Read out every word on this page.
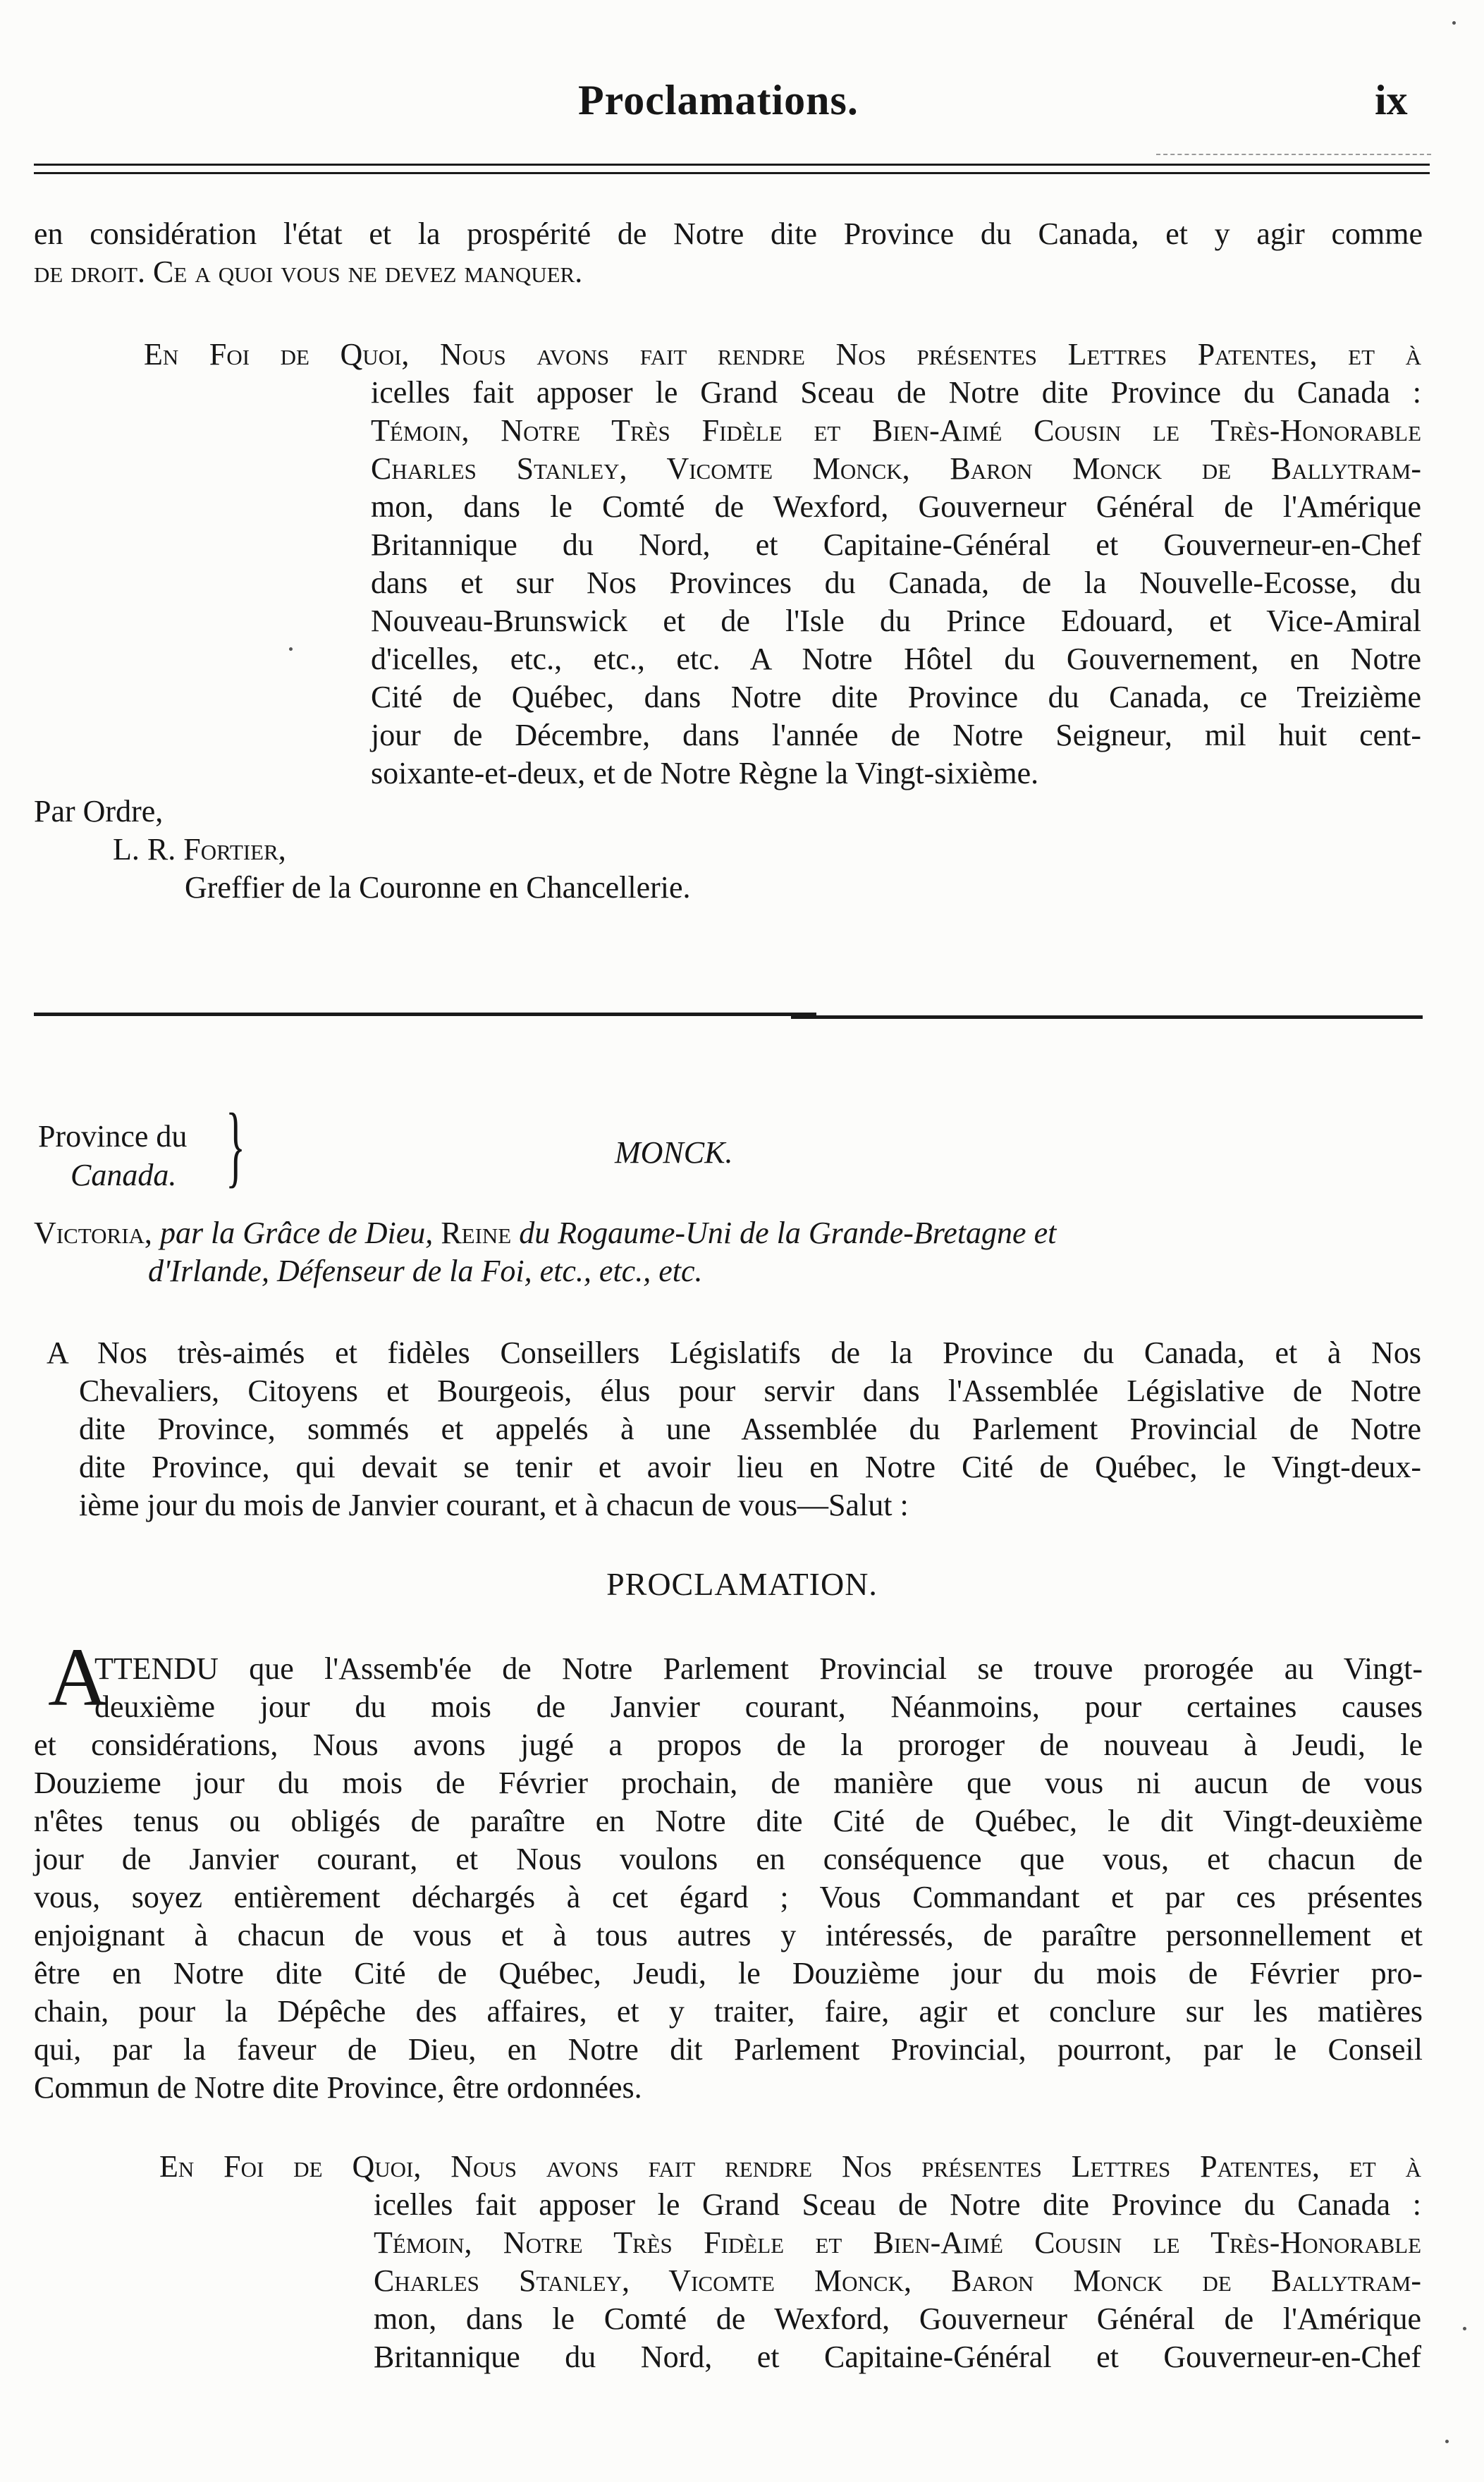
Proclamations.	ix
en considération l'état et la prospérité de Notre dite Province du Canada, et y agir comme
de droit. Ce a quoi vous ne devez manquer.
En Foi de Quoi, Nous avons fait rendre Nos présentes Lettres Patentes, et à
icelles fait apposer le Grand Sceau de Notre dite Province du Canada :
Témoin, Notre Très Fidèle et Bien-Aimé Cousin le Très-Honorable
Charles Stanley, Vicomte Monck, Baron Monck de Ballytram-
mon, dans le Comté de Wexford, Gouverneur Général de l'Amérique
Britannique du Nord, et Capitaine-Général et Gouverneur-en-Chef
dans et sur Nos Provinces du Canada, de la Nouvelle-Ecosse, du
Nouveau-Brunswick et de l'Isle du Prince Edouard, et Vice-Amiral
d'icelles, etc., etc., etc. A Notre Hôtel du Gouvernement, en Notre
Cité de Québec, dans Notre dite Province du Canada, ce Treizième
jour de Décembre, dans l'année de Notre Seigneur, mil huit cent-
soixante-et-deux, et de Notre Règne la Vingt-sixième.
Par Ordre,
L. R. Fortier,
Greffier de la Couronne en Chancellerie.
Province du
Canada. }	MONCK.
Victoria, par la Grâce de Dieu, Reine du Rogaume-Uni de la Grande-Bretagne et
d'Irlande, Défenseur de la Foi, etc., etc., etc.
A Nos très-aimés et fidèles Conseillers Législatifs de la Province du Canada, et à Nos
Chevaliers, Citoyens et Bourgeois, élus pour servir dans l'Assemblée Législative de Notre
dite Province, sommés et appelés à une Assemblée du Parlement Provincial de Notre
dite Province, qui devait se tenir et avoir lieu en Notre Cité de Québec, le Vingt-deux-
ième jour du mois de Janvier courant, et à chacun de vous—Salut :
PROCLAMATION.
A
TTENDU que l'Assemb'ée de Notre Parlement Provincial se trouve prorogée au Vingt-
deuxième jour du mois de Janvier courant, Néanmoins, pour certaines causes
et considérations, Nous avons jugé a propos de la proroger de nouveau à Jeudi, le
Douzieme jour du mois de Février prochain, de manière que vous ni aucun de vous
n'êtes tenus ou obligés de paraître en Notre dite Cité de Québec, le dit Vingt-deuxième
jour de Janvier courant, et Nous voulons en conséquence que vous, et chacun de
vous, soyez entièrement déchargés à cet égard ; Vous Commandant et par ces présentes
enjoignant à chacun de vous et à tous autres y intéressés, de paraître personnellement et
être en Notre dite Cité de Québec, Jeudi, le Douzième jour du mois de Février pro-
chain, pour la Dépêche des affaires, et y traiter, faire, agir et conclure sur les matières
qui, par la faveur de Dieu, en Notre dit Parlement Provincial, pourront, par le Conseil
Commun de Notre dite Province, être ordonnées.
En Foi de Quoi, Nous avons fait rendre Nos présentes Lettres Patentes, et à
icelles fait apposer le Grand Sceau de Notre dite Province du Canada :
Témoin, Notre Très Fidèle et Bien-Aimé Cousin le Très-Honorable
Charles Stanley, Vicomte Monck, Baron Monck de Ballytram-
mon, dans le Comté de Wexford, Gouverneur Général de l'Amérique
Britannique du Nord, et Capitaine-Général et Gouverneur-en-Chef
